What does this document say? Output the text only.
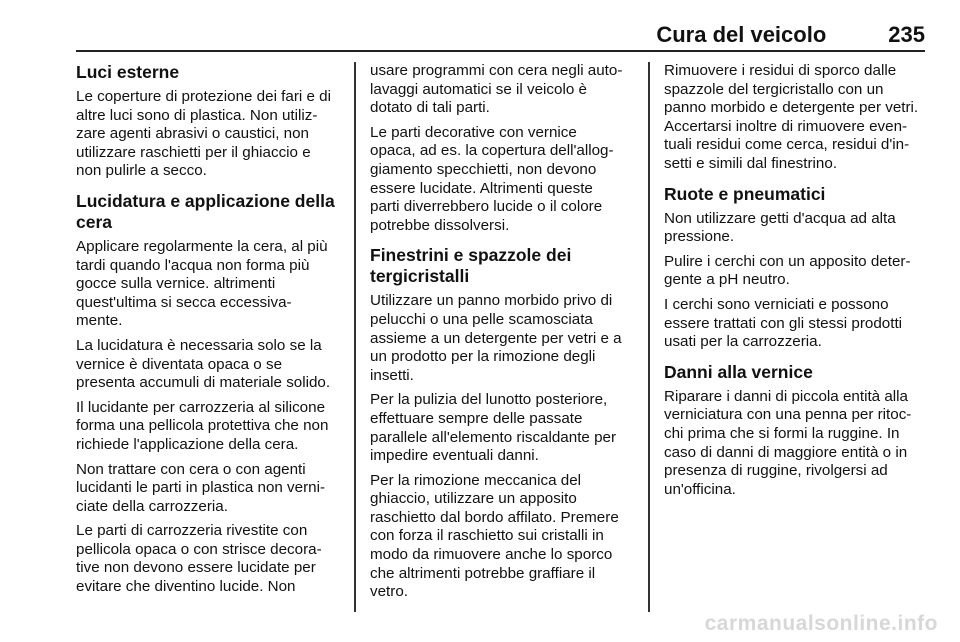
Cura del veicolo	235
Luci esterne

Le coperture di protezione dei fari e di
altre luci sono di plastica. Non utiliz-
zare agenti abrasivi o caustici, non
utilizzare raschietti per il ghiaccio e
non pulirle a secco.

Lucidatura e applicazione della
cera

Applicare regolarmente la cera, al più
tardi quando l'acqua non forma più
gocce sulla vernice. altrimenti
quest'ultima si secca eccessiva-
mente.

La lucidatura è necessaria solo se la
vernice è diventata opaca o se
presenta accumuli di materiale solido.

Il lucidante per carrozzeria al silicone
forma una pellicola protettiva che non
richiede l'applicazione della cera.

Non trattare con cera o con agenti
lucidanti le parti in plastica non verni-
ciate della carrozzeria.

Le parti di carrozzeria rivestite con
pellicola opaca o con strisce decora-
tive non devono essere lucidate per
evitare che diventino lucide. Non

usare programmi con cera negli auto-
lavaggi automatici se il veicolo è
dotato di tali parti.

Le parti decorative con vernice
opaca, ad es. la copertura dell'allog-
giamento specchietti, non devono
essere lucidate. Altrimenti queste
parti diverrebbero lucide o il colore
potrebbe dissolversi.

Finestrini e spazzole dei
tergicristalli

Utilizzare un panno morbido privo di
pelucchi o una pelle scamosciata
assieme a un detergente per vetri e a
un prodotto per la rimozione degli
insetti.

Per la pulizia del lunotto posteriore,
effettuare sempre delle passate
parallele all'elemento riscaldante per
impedire eventuali danni.

Per la rimozione meccanica del
ghiaccio, utilizzare un apposito
raschietto dal bordo affilato. Premere
con forza il raschietto sui cristalli in
modo da rimuovere anche lo sporco
che altrimenti potrebbe graffiare il
vetro.

Rimuovere i residui di sporco dalle
spazzole del tergicristallo con un
panno morbido e detergente per vetri.
Accertarsi inoltre di rimuovere even-
tuali residui come cerca, residui d'in-
setti e simili dal finestrino.

Ruote e pneumatici

Non utilizzare getti d'acqua ad alta
pressione.

Pulire i cerchi con un apposito deter-
gente a pH neutro.

I cerchi sono verniciati e possono
essere trattati con gli stessi prodotti
usati per la carrozzeria.

Danni alla vernice

Riparare i danni di piccola entità alla
verniciatura con una penna per ritoc-
chi prima che si formi la ruggine. In
caso di danni di maggiore entità o in
presenza di ruggine, rivolgersi ad
un'officina.

carmanualsonline.info
